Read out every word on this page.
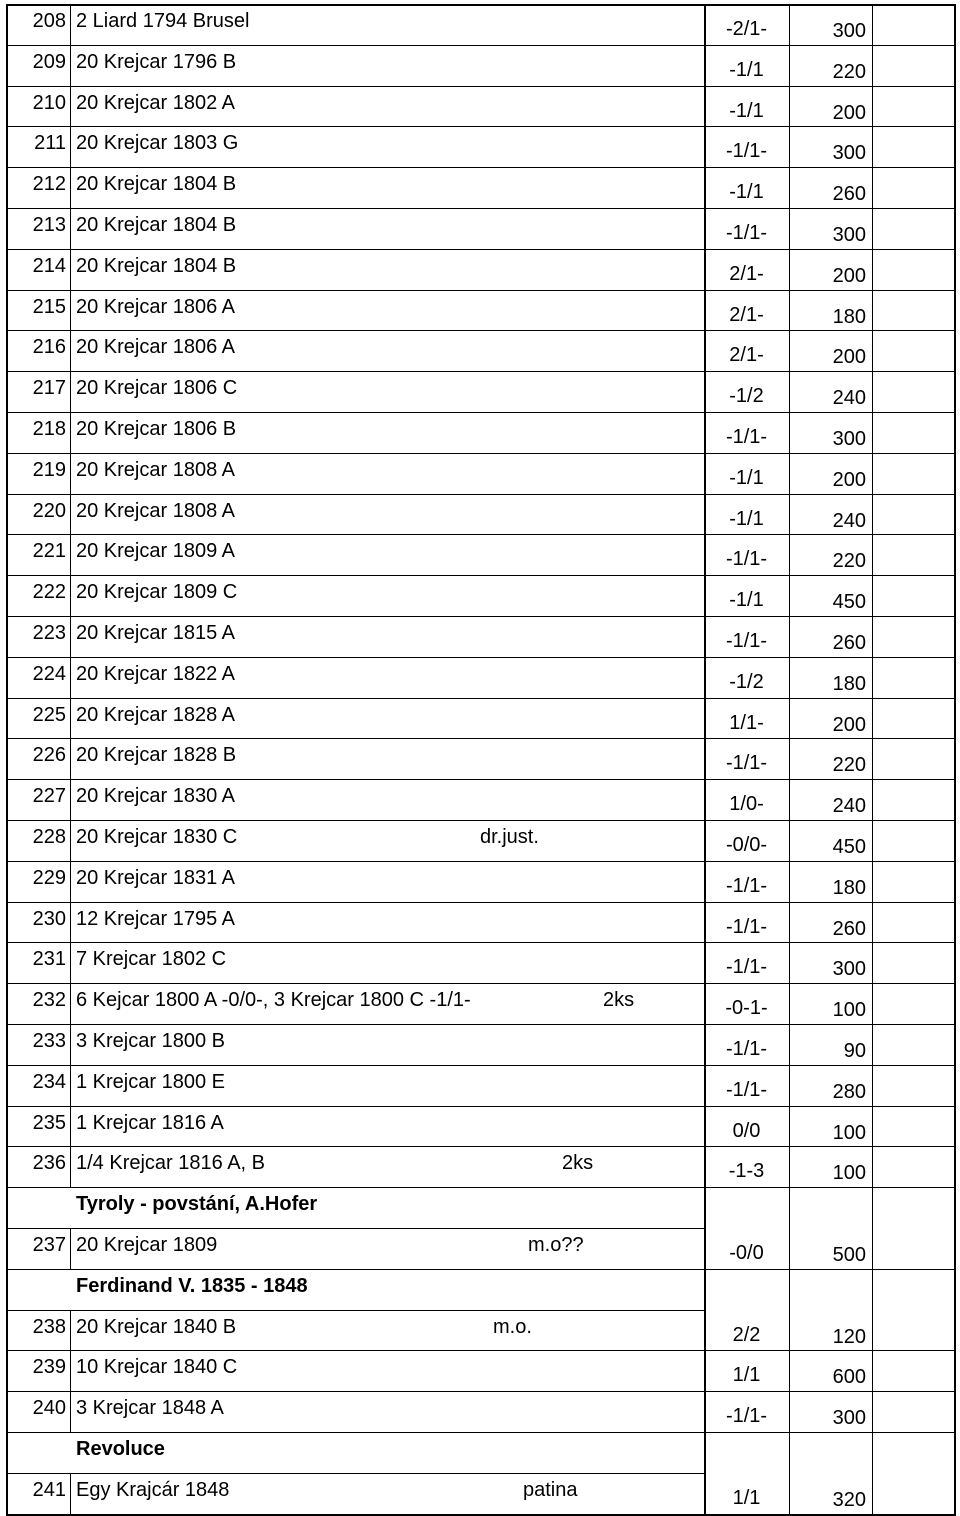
208 2 Liard 1794 Brusel	-2/1-	300
209 20 Krejcar 1796 B	-1/1	220
210 20 Krejcar 1802 A	-1/1	200
211 20 Krejcar 1803 G	-1/1-	300
212 20 Krejcar 1804 B	-1/1	260
213 20 Krejcar 1804 B	-1/1-	300
214 20 Krejcar 1804 B	2/1-	200
215 20 Krejcar 1806 A	2/1-	180
216 20 Krejcar 1806 A	2/1-	200
217 20 Krejcar 1806 C	-1/2	240
218 20 Krejcar 1806 B	-1/1-	300
219 20 Krejcar 1808 A	-1/1	200
220 20 Krejcar 1808 A	-1/1	240
221 20 Krejcar 1809 A	-1/1-	220
222 20 Krejcar 1809 C	-1/1	450
223 20 Krejcar 1815 A	-1/1-	260
224 20 Krejcar 1822 A	-1/2	180
225 20 Krejcar 1828 A	1/1-	200
226 20 Krejcar 1828 B	-1/1-	220
227 20 Krejcar 1830 A	1/0-	240
228 20 Krejcar 1830 C	dr.just.	-0/0-	450
229 20 Krejcar 1831 A	-1/1-	180
230 12 Krejcar 1795 A	-1/1-	260
231 7 Krejcar 1802 C	-1/1-	300
232 6 Kejcar 1800 A -0/0-, 3 Krejcar 1800 C -1/1-	2ks	-0-1-	100
233 3 Krejcar 1800 B	-1/1-	90
234 1 Krejcar 1800 E	-1/1-	280
235 1 Krejcar 1816 A	0/0	100
236 1/4 Krejcar 1816 A, B	2ks	-1-3	100
Tyroly - povstání, A.Hofer
237 20 Krejcar 1809	m.o??	-0/0	500
Ferdinand V. 1835 - 1848
238 20 Krejcar 1840 B	m.o.	2/2	120
239 10 Krejcar 1840 C	1/1	600
240 3 Krejcar 1848 A	-1/1-	300
Revoluce
241 Egy Krajcár 1848	patina	1/1	320
